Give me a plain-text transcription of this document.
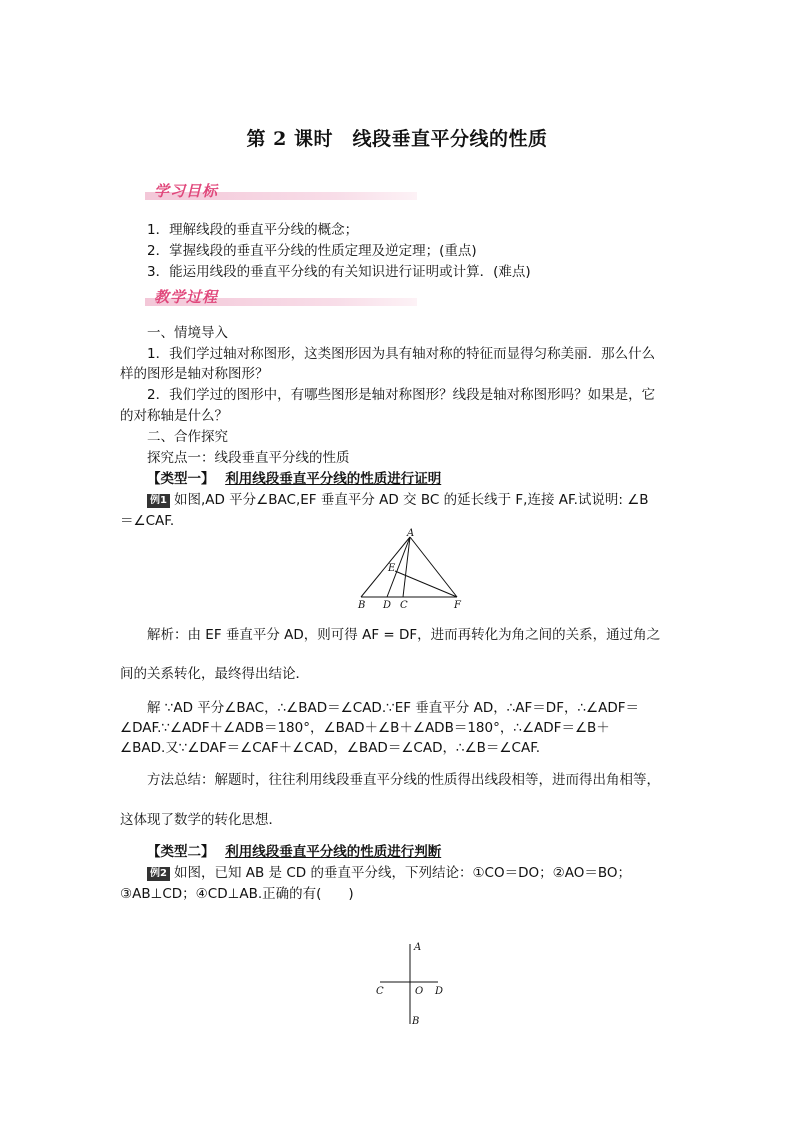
第 2 课时　线段垂直平分线的性质
学习目标
1．理解线段的垂直平分线的概念；
2．掌握线段的垂直平分线的性质定理及逆定理；(重点)
3．能运用线段的垂直平分线的有关知识进行证明或计算．(难点)
教学过程
一、情境导入
1．我们学过轴对称图形，这类图形因为具有轴对称的特征而显得匀称美丽．那么什么
样的图形是轴对称图形？
2．我们学过的图形中，有哪些图形是轴对称图形？线段是轴对称图形吗？如果是，它
的对称轴是什么？
二、合作探究
探究点一：线段垂直平分线的性质
【类型一】 利用线段垂直平分线的性质进行证明
例1 如图,AD 平分∠BAC,EF 垂直平分 AD 交 BC 的延长线于 F,连接 AF.试说明: ∠B
＝∠CAF.
A
B D C	F
E
解析：由 EF 垂直平分 AD，则可得 AF = DF，进而再转化为角之间的关系，通过角之
间的关系转化，最终得出结论．
解 ∵AD 平分∠BAC，∴∠BAD＝∠CAD.∵EF 垂直平分 AD，∴AF＝DF，∴∠ADF＝
∠DAF.∵∠ADF＋∠ADB＝180°，∠BAD＋∠B＋∠ADB＝180°，∴∠ADF＝∠B＋
∠BAD.又∵∠DAF＝∠CAF＋∠CAD，∠BAD＝∠CAD，∴∠B＝∠CAF.
方法总结：解题时，往往利用线段垂直平分线的性质得出线段相等，进而得出角相等，
这体现了数学的转化思想．
【类型二】 利用线段垂直平分线的性质进行判断
例2 如图，已知 AB 是 CD 的垂直平分线，下列结论：①CO＝DO；②AO＝BO；
③AB⊥CD；④CD⊥AB.正确的有(　　)
A
B
C	O D
